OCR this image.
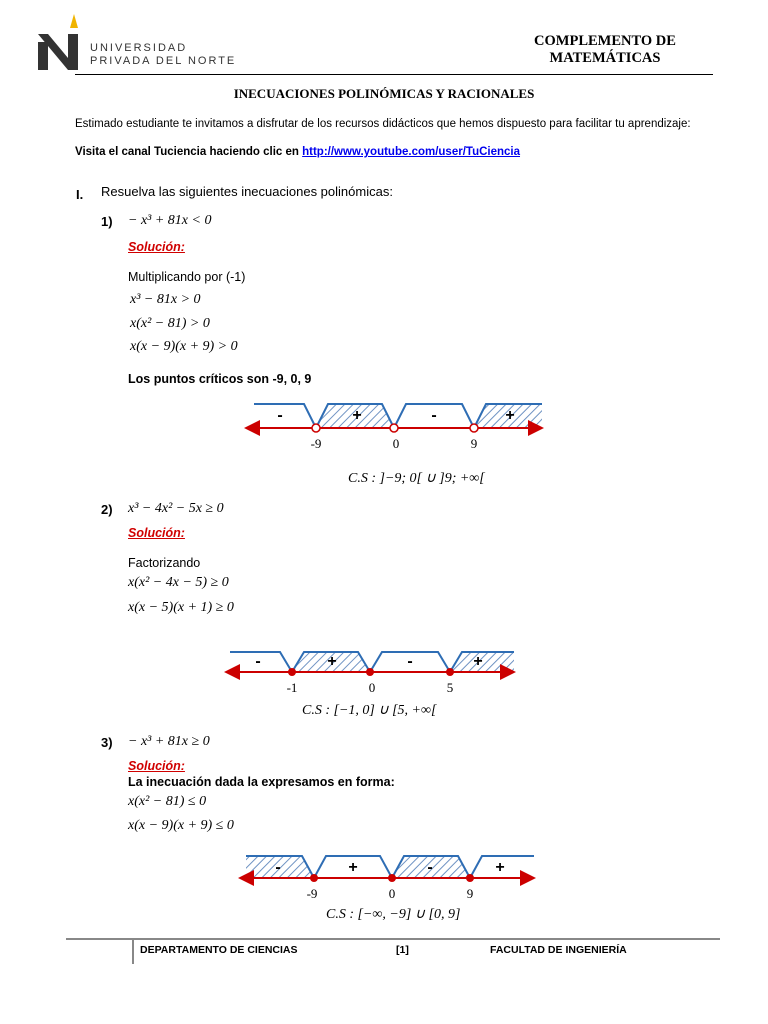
UNIVERSIDAD
PRIVADA DEL NORTE
COMPLEMENTO DE
MATEMÁTICAS
INECUACIONES POLINÓMICAS Y RACIONALES
Estimado estudiante te invitamos a disfrutar de los recursos didácticos que hemos dispuesto para facilitar tu aprendizaje:
Visita el canal Tuciencia haciendo clic en http://www.youtube.com/user/TuCiencia
I. Resuelva las siguientes inecuaciones polinómicas:
1) − x³ + 81x < 0
Solución:
Multiplicando por (-1)
x³ − 81x > 0
x(x² − 81) > 0
x(x − 9)(x + 9) > 0
Los puntos críticos son -9, 0, 9
-	+	-	+
-9	0	9
C.S : ]−9; 0[ ∪ ]9; +∞[
2) x³ − 4x² − 5x ≥ 0
Solución:
Factorizando
x(x² − 4x − 5) ≥ 0
x(x − 5)(x + 1) ≥ 0
-	+	-	+
-1	0	5
C.S : [−1, 0] ∪ [5, +∞[
3) − x³ + 81x ≥ 0
Solución:
La inecuación dada la expresamos en forma:
x(x² − 81) ≤ 0
x(x − 9)(x + 9) ≤ 0
-	+	-	+
-9	0	9
C.S : [−∞, −9] ∪ [0, 9]
DEPARTAMENTO DE CIENCIAS	[1]	FACULTAD DE INGENIERÍA
